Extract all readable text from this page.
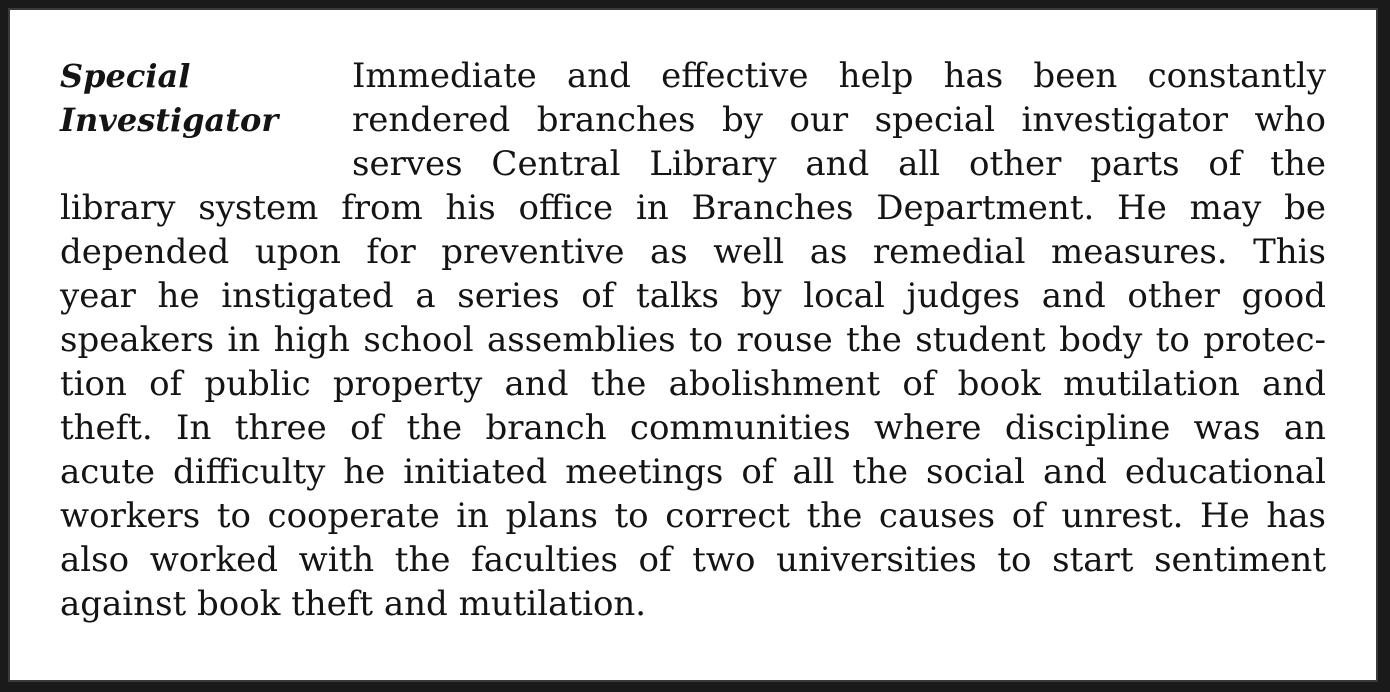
Special
Investigator
Immediate and effective help has been constantly
rendered branches by our special investigator who
serves Central Library and all other parts of the
library system from his office in Branches Department. He may be
depended upon for preventive as well as remedial measures. This
year he instigated a series of talks by local judges and other good
speakers in high school assemblies to rouse the student body to protec-
tion of public property and the abolishment of book mutilation and
theft. In three of the branch communities where discipline was an
acute difficulty he initiated meetings of all the social and educational
workers to cooperate in plans to correct the causes of unrest. He has
also worked with the faculties of two universities to start sentiment
against book theft and mutilation.
